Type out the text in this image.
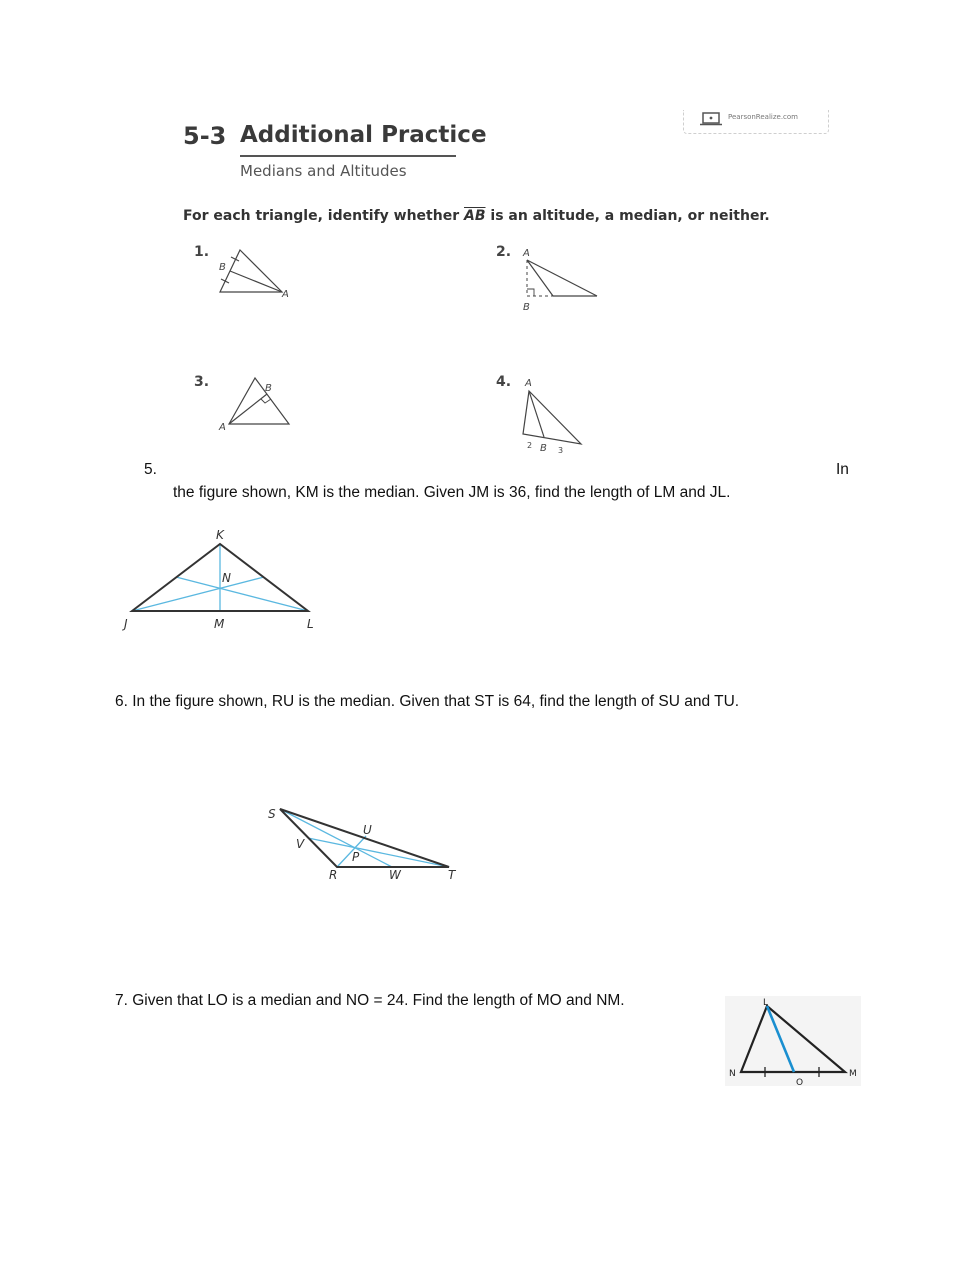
5-3 Additional Practice
Medians and Altitudes
PearsonRealize.com
For each triangle, identify whether $\overline{AB}$ is an altitude, a median, or neither.
1.
B
A
2. A
B
3.	B
A
4. A
2 B 3
5.	In
the figure shown, KM is the median. Given JM is 36, find the length of LM and JL.
K
N
J	M	L
6. In the figure shown, RU is the median. Given that ST is 64, find the length of SU and TU.
S
U
V
P
R	W	T
7. Given that LO is a median and NO = 24. Find the length of MO and NM.	L
N
O
M
